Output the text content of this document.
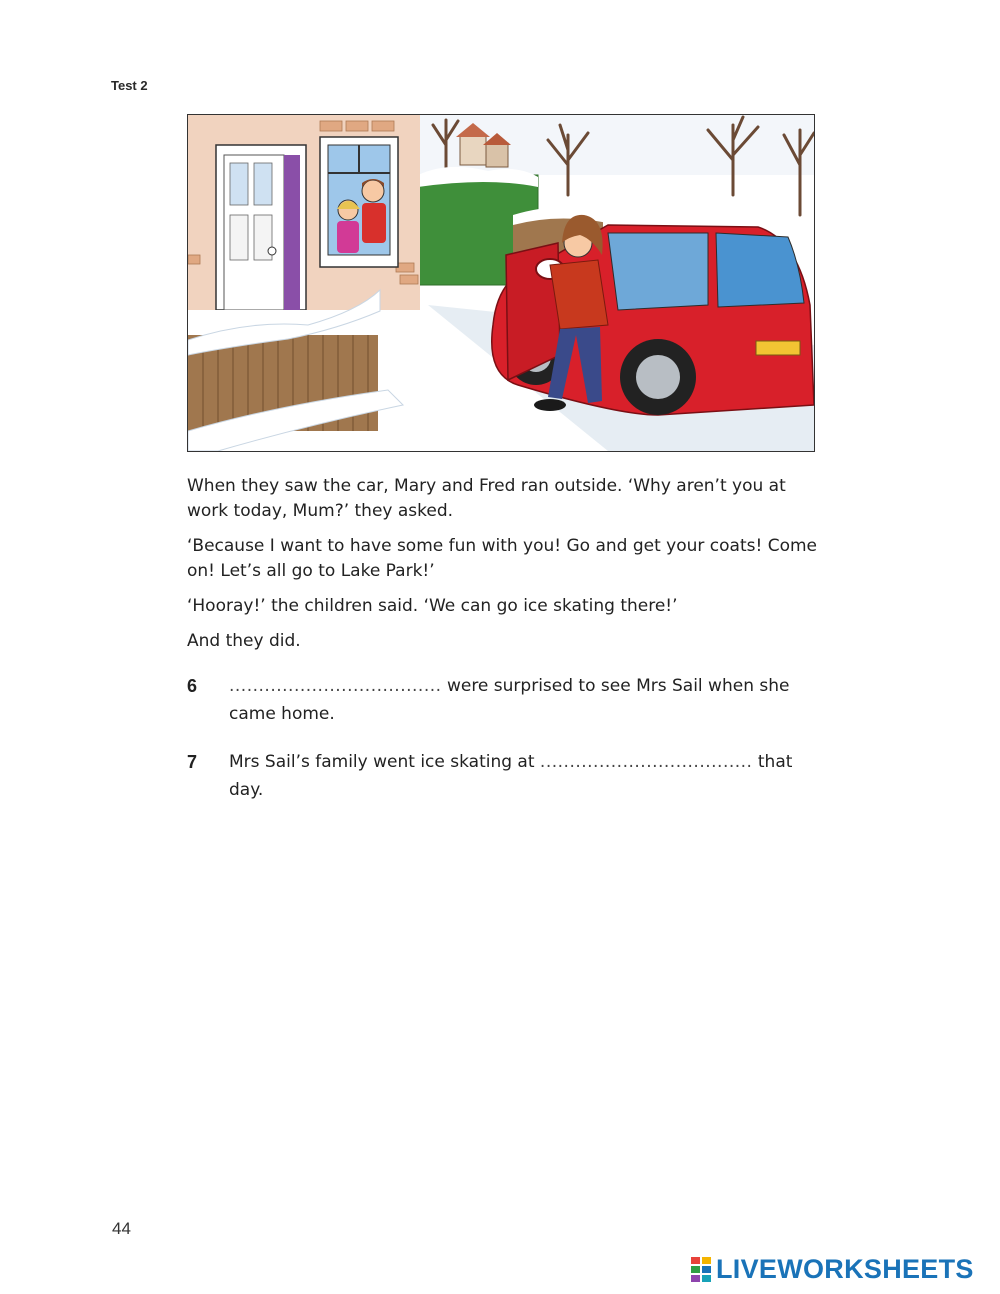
Test 2

When they saw the car, Mary and Fred ran outside. ‘Why aren’t you at work today, Mum?’ they asked.

‘Because I want to have some fun with you! Go and get your coats! Come on! Let’s all go to Lake Park!’

‘Hooray!’ the children said. ‘We can go ice skating there!’

And they did.

6 .................................... were surprised to see Mrs Sail when she came home.
7 Mrs Sail’s family went ice skating at .................................... that day.
44
LIVEWORKSHEETS
